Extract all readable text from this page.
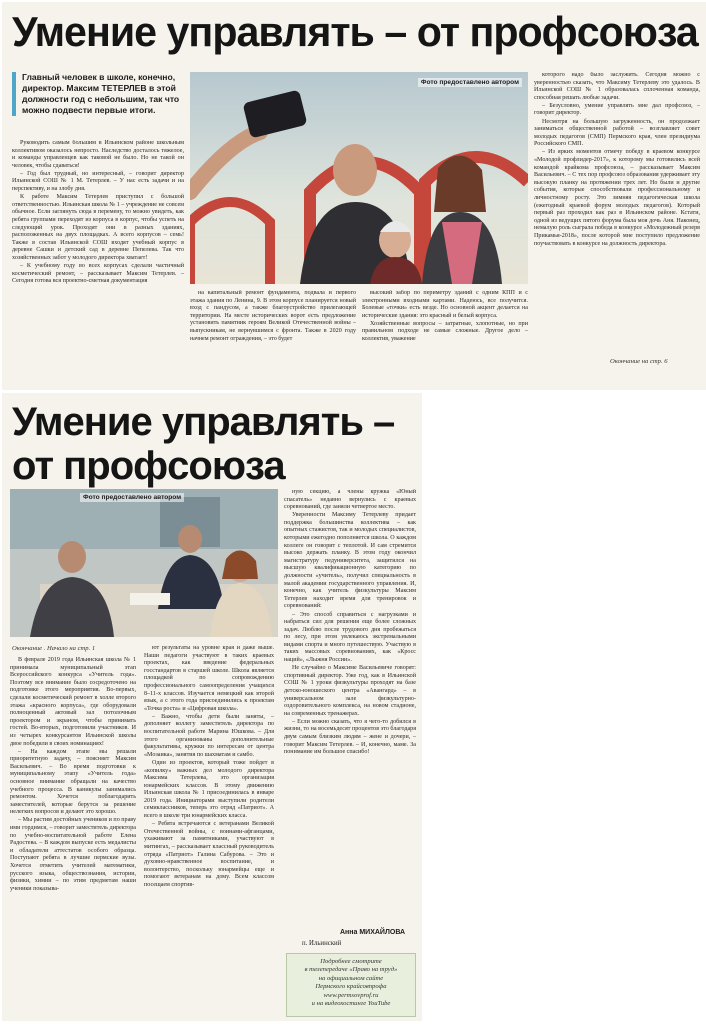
Умение управлять – от профсоюза
Главный человек в школе, конечно, директор. Максим ТЕТЕРЛЕВ в этой должности год с небольшим, так что можно подвести первые итоги.

Руководить самым большим в Ильинском районе школьным коллективом оказалось непросто. Наследство досталось тяжелое, и команды управленцев как таковой не было. Но не такой он человек, чтобы сдаваться!

– Год был трудный, но интересный, – говорит директор Ильинской СОШ № 1 М. Тетерлев. – У нас есть задачи и на перспективу, и на злобу дня.

К работе Максим Тетерлев приступил с большой ответственностью. Ильинская школа № 1 – учреждение не совсем обычное. Если заглянуть сюда в перемену, то можно увидеть, как ребята группами переходят из корпуса в корпус, чтобы успеть на следующий урок. Проходят они в разных зданиях, расположенных на двух площадках. А всего корпусов – семь! Также в состав Ильинской СОШ входят учебный корпус в деревне Сашки и детский сад в деревне Пепелева. Так что хозяйственных забот у молодого директора хватает!

– К учебному году во всех корпусах сделали частичный косметический ремонт, – рассказывает Максим Тетерлев. – Сегодня готова вся проектно-сметная документация

Фото предоставлено автором

на капитальный ремонт фундамента, подвала и первого этажа здания по Ленина, 9. В этом корпусе планируется новый вход с пандусом, а также благоустройство прилегающей территории. На месте исторических ворот есть предложение установить памятник героям Великой Отечественной войны – выпускникам, не вернувшимся с фронта. Также в 2020 году начнем ремонт ограждения, – это будет

высокий забор по периметру зданий с одним КПП и с электронными входными картами. Надеюсь, все получится. Болевые «точки» есть везде. Но основной акцент делается на исторические здания: это красный и белый корпуса.

Хозяйственные вопросы – затратные, хлопотные, но при правильном подходе не самые сложные. Другое дело – коллектив, уважение

которого надо было заслужить. Сегодня можно с уверенностью сказать, что Максиму Тетерлеву это удалось. В Ильинской СОШ № 1 образовалась сплоченная команда, способная решать любые задачи.

– Безусловно, умение управлять мне дал профсоюз, – говорит директор.

Несмотря на большую загруженность, он продолжает заниматься общественной работой – возглавляет совет молодых педагогов (СМП) Пермского края, член президиума Российского СМП.

– Из ярких моментов отмечу победу в краевом конкурсе «Молодой профлидер-2017», к которому мы готовились всей командой крайкома профсоюза, – рассказывает Максим Васильевич. – С тех пор профсоюз образования удерживает эту высокую планку на протяжении трех лет. Но были и другие события, которые способствовали профессиональному и личностному росту. Это зимняя педагогическая школа (ежегодный краевой форум молодых педагогов). Который первый раз проходил как раз в Ильинском районе. Кстати, одной из ведущих пятого форума была моя дочь Аня. Наконец, немалую роль сыграла победа в конкурсе «Молодежный резерв Прикамья-2018», после которой мне поступило предложение поучаствовать в конкурсе на должность директора.

Окончание на стр. 6
Умение управлять –
от профсоюза
Фото предоставлено автором
Окончание . Начало на стр. 1

В феврале 2019 года Ильинская школа № 1 принимала муниципальный этап Всероссийского конкурса «Учитель года». Поэтому все внимание было сосредоточено на подготовке этого мероприятия. Во-первых, сделали косметический ремонт в холле второго этажа «красного корпуса», где оборудовали полноценный актовый зал потолочным проектором и экраном, чтобы принимать гостей. Во-вторых, подготовили участников. И из четырех конкурсантов Ильинской школы двое победили в своих номинациях!

– На каждом этапе мы решали приоритетную задачу, – поясняет Максим Васильевич. – Во время подготовки к муниципальному этапу «Учитель года» основное внимание обращали на качество учебного процесса. В каникулы занимались ремонтом. Хочется поблагодарить заместителей, которые берутся за решение нелегких вопросов и делают это хорошо.

– Мы растим достойных учеников и по праву ими гордимся, – говорит заместитель директора по учебно-воспитательной работе Елена Радостева. – В каждом выпуске есть медалисты и обладатели аттестатов особого образца. Поступают ребята в лучшие пермские вузы. Хочется отметить учителей математики, русского языка, обществознания, истории, физики, химии – по этим предметам наши ученики показыва-

ют результаты на уровне края и даже выше. Наши педагоги участвуют в таких краевых проектах, как введение федеральных госстандартов в старшей школе. Школа является площадкой по сопровождению профессионального самоопределения учащихся 8–11-х классов. Изучается немецкий как второй язык, а с этого года присоединились к проектам «Точка роста» и «Цифровая школа».

– Важно, чтобы дети были заняты, – дополняет коллегу заместитель директора по воспитательной работе Марина Юшкова. – Для этого организованы дополнительные факультативы, кружки по интересам от центра «Мозаика», занятия по шахматам и самбо.

Один из проектов, который тоже пойдет в «копилку» важных дел молодого директора Максима Тетерлева, это организация юнармейских классов. В этому движению Ильинская школа № 1 присоединилась в январе 2019 года. Инициаторами выступили родители семиклассников, теперь это отряд «Патриот». А всего в школе три юнармейских класса.

– Ребята встречаются с ветеранами Великой Отечественной войны, с воинами-афганцами, ухаживают за памятниками, участвуют в митингах, – рассказывает классный руководитель отряда «Патриот» Галина Сабурова. – Это и духовно-нравственное воспитание, и волонтерство, поскольку юнармейцы еще и помогают ветеранам на дому. Всем классом посещаем спортив-

ную секцию, а члены кружка «Юный спасатель» недавно вернулись с краевых соревнований, где заняли четвертое место.

Уверенности Максиму Тетерлеву придает поддержка большинства коллектива – как опытных стажистов, так и молодых специалистов, которыми ежегодно пополняется школа. О каждом коллеге он говорит с теплотой. И сам стремится высоко держать планку. В этом году окончил магистратуру педуниверситета, защитился на высшую квалификационную категорию по должности «учитель», получил специальность в малой академии государственного управления. И, конечно, как учитель физкультуры Максим Тетерлев находит время для тренировок и соревнований:

– Это способ справиться с нагрузками и набраться сил для решения еще более сложных задач. Люблю после трудового дня пробежаться по лесу, при этом увлекаюсь экстремальными видами спорта и много путешествую. Участвую в таких массовых соревнованиях, как «Кросс наций», «Лыжня России».

Не случайно о Максиме Васильевиче говорят: спортивный директор. Уже год, как в Ильинской СОШ № 1 уроки физкультуры проходят на базе детско-юношеского центра «Авангард» – в универсальном зале физкультурно-оздоровительного комплекса, на новом стадионе, на современных тренажерах.

– Если можно сказать, что я чего-то добился в жизни, то на восемьдесят процентов это благодаря двум самым близким людям – жене и дочери, – говорит Максим Тетерлев. – И, конечно, маме. За понимание им большое спасибо!

Анна МИХАЙЛОВА
п. Ильинский
Подробнее смотрите
в телепередаче «Право на труд»
на официальном сайте
Пермского крайсовпрофа
www.permsovprof.ru
и на видеохостинге YouTube
